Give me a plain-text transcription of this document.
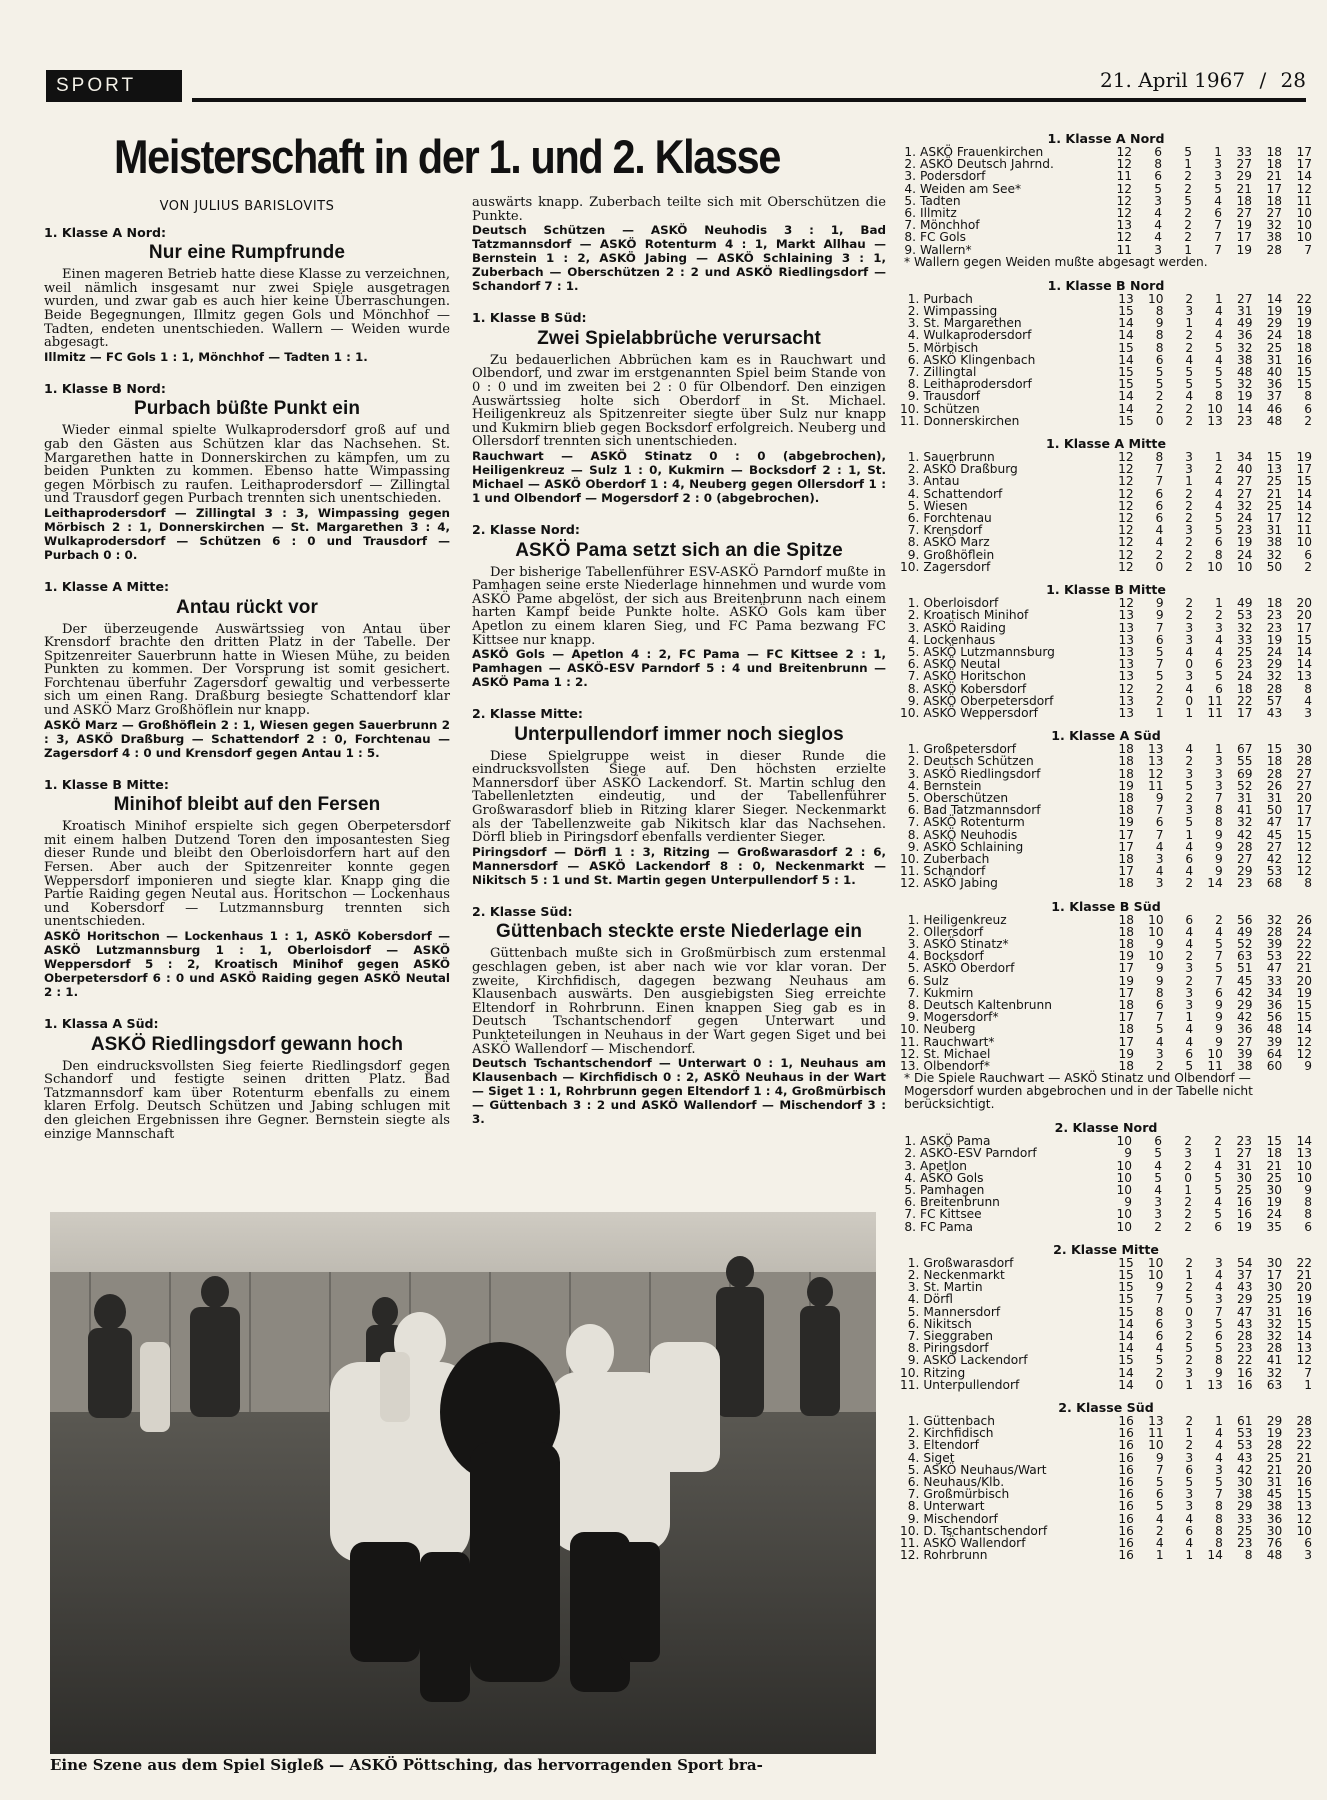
SPORT	21. April 1967 / 28
Meisterschaft in der 1. und 2. Klasse
VON JULIUS BARISLOVITS

1. Klasse A Nord:

Nur eine Rumpfrunde

Einen mageren Betrieb hatte diese Klasse zu verzeichnen, weil nämlich insgesamt nur zwei Spiele ausgetragen wurden, und zwar gab es auch hier keine Überraschungen. Beide Begegnungen, Illmitz gegen Gols und Mönchhof — Tadten, endeten unentschieden. Wallern — Weiden wurde abgesagt.

Illmitz — FC Gols 1 : 1, Mönchhof — Tadten 1 : 1.

1. Klasse B Nord:

Purbach büßte Punkt ein

Wieder einmal spielte Wulkaprodersdorf groß auf und gab den Gästen aus Schützen klar das Nachsehen. St. Margarethen hatte in Donnerskirchen zu kämpfen, um zu beiden Punkten zu kommen. Ebenso hatte Wimpassing gegen Mörbisch zu raufen. Leithaprodersdorf — Zillingtal und Trausdorf gegen Purbach trennten sich unentschieden.

Leithaprodersdorf — Zillingtal 3 : 3, Wimpassing gegen Mörbisch 2 : 1, Donnerskirchen — St. Margarethen 3 : 4, Wulkaprodersdorf — Schützen 6 : 0 und Trausdorf — Purbach 0 : 0.

1. Klasse A Mitte:

Antau rückt vor

Der überzeugende Auswärtssieg von Antau über Krensdorf brachte den dritten Platz in der Tabelle. Der Spitzenreiter Sauerbrunn hatte in Wiesen Mühe, zu beiden Punkten zu kommen. Der Vorsprung ist somit gesichert. Forchtenau überfuhr Zagersdorf gewaltig und verbesserte sich um einen Rang. Draßburg besiegte Schattendorf klar und ASKÖ Marz Großhöflein nur knapp.

ASKÖ Marz — Großhöflein 2 : 1, Wiesen gegen Sauerbrunn 2 : 3, ASKÖ Draßburg — Schattendorf 2 : 0, Forchtenau — Zagersdorf 4 : 0 und Krensdorf gegen Antau 1 : 5.

1. Klasse B Mitte:

Minihof bleibt auf den Fersen

Kroatisch Minihof erspielte sich gegen Oberpetersdorf mit einem halben Dutzend Toren den imposantesten Sieg dieser Runde und bleibt den Oberloisdorfern hart auf den Fersen. Aber auch der Spitzenreiter konnte gegen Weppersdorf imponieren und siegte klar. Knapp ging die Partie Raiding gegen Neutal aus. Horitschon — Lockenhaus und Kobersdorf — Lutzmannsburg trennten sich unentschieden.

ASKÖ Horitschon — Lockenhaus 1 : 1, ASKÖ Kobersdorf — ASKÖ Lutzmannsburg 1 : 1, Oberloisdorf — ASKÖ Weppersdorf 5 : 2, Kroatisch Minihof gegen ASKÖ Oberpetersdorf 6 : 0 und ASKÖ Raiding gegen ASKÖ Neutal 2 : 1.

1. Klassa A Süd:

ASKÖ Riedlingsdorf gewann hoch

Den eindrucksvollsten Sieg feierte Riedlingsdorf gegen Schandorf und festigte seinen dritten Platz. Bad Tatzmannsdorf kam über Rotenturm ebenfalls zu einem klaren Erfolg. Deutsch Schützen und Jabing schlugen mit den gleichen Ergebnissen ihre Gegner. Bernstein siegte als einzige Mannschaft

auswärts knapp. Zuberbach teilte sich mit Oberschützen die Punkte.

Deutsch Schützen — ASKÖ Neuhodis 3 : 1, Bad Tatzmannsdorf — ASKÖ Rotenturm 4 : 1, Markt Allhau — Bernstein 1 : 2, ASKÖ Jabing — ASKÖ Schlaining 3 : 1, Zuberbach — Oberschützen 2 : 2 und ASKÖ Riedlingsdorf — Schandorf 7 : 1.

1. Klasse B Süd:

Zwei Spielabbrüche verursacht

Zu bedauerlichen Abbrüchen kam es in Rauchwart und Olbendorf, und zwar im erstgenannten Spiel beim Stande von 0 : 0 und im zweiten bei 2 : 0 für Olbendorf. Den einzigen Auswärtssieg holte sich Oberdorf in St. Michael. Heiligenkreuz als Spitzenreiter siegte über Sulz nur knapp und Kukmirn blieb gegen Bocksdorf erfolgreich. Neuberg und Ollersdorf trennten sich unentschieden.

Rauchwart — ASKÖ Stinatz 0 : 0 (abgebrochen), Heiligenkreuz — Sulz 1 : 0, Kukmirn — Bocksdorf 2 : 1, St. Michael — ASKÖ Oberdorf 1 : 4, Neuberg gegen Ollersdorf 1 : 1 und Olbendorf — Mogersdorf 2 : 0 (abgebrochen).

2. Klasse Nord:

ASKÖ Pama setzt sich an die Spitze

Der bisherige Tabellenführer ESV-ASKÖ Parndorf mußte in Pamhagen seine erste Niederlage hinnehmen und wurde vom ASKÖ Pame abgelöst, der sich aus Breitenbrunn nach einem harten Kampf beide Punkte holte. ASKÖ Gols kam über Apetlon zu einem klaren Sieg, und FC Pama bezwang FC Kittsee nur knapp.

ASKÖ Gols — Apetlon 4 : 2, FC Pama — FC Kittsee 2 : 1, Pamhagen — ASKÖ-ESV Parndorf 5 : 4 und Breitenbrunn — ASKÖ Pama 1 : 2.

2. Klasse Mitte:

Unterpullendorf immer noch sieglos

Diese Spielgruppe weist in dieser Runde die eindrucksvollsten Siege auf. Den höchsten erzielte Mannersdorf über ASKÖ Lackendorf. St. Martin schlug den Tabellenletzten eindeutig, und der Tabellenführer Großwarasdorf blieb in Ritzing klarer Sieger. Neckenmarkt als der Tabellenzweite gab Nikitsch klar das Nachsehen. Dörfl blieb in Piringsdorf ebenfalls verdienter Sieger.

Piringsdorf — Dörfl 1 : 3, Ritzing — Großwarasdorf 2 : 6, Mannersdorf — ASKÖ Lackendorf 8 : 0, Neckenmarkt — Nikitsch 5 : 1 und St. Martin gegen Unterpullendorf 5 : 1.

2. Klasse Süd:

Güttenbach steckte erste Niederlage ein

Güttenbach mußte sich in Großmürbisch zum erstenmal geschlagen geben, ist aber nach wie vor klar voran. Der zweite, Kirchfidisch, dagegen bezwang Neuhaus am Klausenbach auswärts. Den ausgiebigsten Sieg erreichte Eltendorf in Rohrbrunn. Einen knappen Sieg gab es in Deutsch Tschantschendorf gegen Unterwart und Punkteteilungen in Neuhaus in der Wart gegen Siget und bei ASKÖ Wallendorf — Mischendorf.

Deutsch Tschantschendorf — Unterwart 0 : 1, Neuhaus am Klausenbach — Kirchfidisch 0 : 2, ASKÖ Neuhaus in der Wart — Siget 1 : 1, Rohrbrunn gegen Eltendorf 1 : 4, Großmürbisch — Güttenbach 3 : 2 und ASKÖ Wallendorf — Mischendorf 3 : 3.

Eine Szene aus dem Spiel Sigleß — ASKÖ Pöttsching, das hervorragenden Sport bra-

1. Klasse A Nord

1.	ASKÖ Frauenkirchen	12	6	5	1	33	18	17
2.	ASKÖ Deutsch Jahrnd.	12	8	1	3	27	18	17
3.	Podersdorf	11	6	2	3	29	21	14
4.	Weiden am See*	12	5	2	5	21	17	12
5.	Tadten	12	3	5	4	18	18	11
6.	Illmitz	12	4	2	6	27	27	10
7.	Mönchhof	13	4	2	7	19	32	10
8.	FC Gols	12	4	2	7	17	38	10
9.	Wallern*	11	3	1	7	19	28	7

* Wallern gegen Weiden mußte abgesagt werden.

1. Klasse B Nord

1.	Purbach	13	10	2	1	27	14	22
2.	Wimpassing	15	8	3	4	31	19	19
3.	St. Margarethen	14	9	1	4	49	29	19
4.	Wulkaprodersdorf	14	8	2	4	36	24	18
5.	Mörbisch	15	8	2	5	32	25	18
6.	ASKÖ Klingenbach	14	6	4	4	38	31	16
7.	Zillingtal	15	5	5	5	48	40	15
8.	Leithaprodersdorf	15	5	5	5	32	36	15
9.	Trausdorf	14	2	4	8	19	37	8
10.	Schützen	14	2	2	10	14	46	6
11.	Donnerskirchen	15	0	2	13	23	48	2

1. Klasse A Mitte

1.	Sauerbrunn	12	8	3	1	34	15	19
2.	ASKÖ Draßburg	12	7	3	2	40	13	17
3.	Antau	12	7	1	4	27	25	15
4.	Schattendorf	12	6	2	4	27	21	14
5.	Wiesen	12	6	2	4	32	25	14
6.	Forchtenau	12	6	2	5	24	17	12
7.	Krensdorf	12	4	3	5	23	31	11
8.	ASKÖ Marz	12	4	2	6	19	38	10
9.	Großhöflein	12	2	2	8	24	32	6
10.	Zagersdorf	12	0	2	10	10	50	2

1. Klasse B Mitte

1.	Oberloisdorf	12	9	2	1	49	18	20
2.	Kroatisch Minihof	13	9	2	2	53	23	20
3.	ASKÖ Raiding	13	7	3	3	32	23	17
4.	Lockenhaus	13	6	3	4	33	19	15
5.	ASKÖ Lutzmannsburg	13	5	4	4	25	24	14
6.	ASKÖ Neutal	13	7	0	6	23	29	14
7.	ASKÖ Horitschon	13	5	3	5	24	32	13
8.	ASKÖ Kobersdorf	12	2	4	6	18	28	8
9.	ASKÖ Oberpetersdorf	13	2	0	11	22	57	4
10.	ASKÖ Weppersdorf	13	1	1	11	17	43	3

1. Klasse A Süd

1.	Großpetersdorf	18	13	4	1	67	15	30
2.	Deutsch Schützen	18	13	2	3	55	18	28
3.	ASKÖ Riedlingsdorf	18	12	3	3	69	28	27
4.	Bernstein	19	11	5	3	52	26	27
5.	Oberschützen	18	9	2	7	31	31	20
6.	Bad Tatzmannsdorf	18	7	3	8	41	50	17
7.	ASKÖ Rotenturm	19	6	5	8	32	47	17
8.	ASKÖ Neuhodis	17	7	1	9	42	45	15
9.	ASKÖ Schlaining	17	4	4	9	28	27	12
10.	Zuberbach	18	3	6	9	27	42	12
11.	Schandorf	17	4	4	9	29	53	12
12.	ASKÖ Jabing	18	3	2	14	23	68	8

1. Klasse B Süd

1.	Heiligenkreuz	18	10	6	2	56	32	26
2.	Ollersdorf	18	10	4	4	49	28	24
3.	ASKÖ Stinatz*	18	9	4	5	52	39	22
4.	Bocksdorf	19	10	2	7	63	53	22
5.	ASKÖ Oberdorf	17	9	3	5	51	47	21
6.	Sulz	19	9	2	7	45	33	20
7.	Kukmirn	17	8	3	6	42	34	19
8.	Deutsch Kaltenbrunn	18	6	3	9	29	36	15
9.	Mogersdorf*	17	7	1	9	42	56	15
10.	Neuberg	18	5	4	9	36	48	14
11.	Rauchwart*	17	4	4	9	27	39	12
12.	St. Michael	19	3	6	10	39	64	12
13.	Olbendorf*	18	2	5	11	38	60	9

* Die Spiele Rauchwart — ASKÖ Stinatz und Olbendorf — Mogersdorf wurden abgebrochen und in der Tabelle nicht berücksichtigt.

2. Klasse Nord

1.	ASKÖ Pama	10	6	2	2	23	15	14
2.	ASKÖ-ESV Parndorf	9	5	3	1	27	18	13
3.	Apetlon	10	4	2	4	31	21	10
4.	ASKÖ Gols	10	5	0	5	30	25	10
5.	Pamhagen	10	4	1	5	25	30	9
6.	Breitenbrunn	9	3	2	4	16	19	8
7.	FC Kittsee	10	3	2	5	16	24	8
8.	FC Pama	10	2	2	6	19	35	6

2. Klasse Mitte

1.	Großwarasdorf	15	10	2	3	54	30	22
2.	Neckenmarkt	15	10	1	4	37	17	21
3.	St. Martin	15	9	2	4	43	30	20
4.	Dörfl	15	7	5	3	29	25	19
5.	Mannersdorf	15	8	0	7	47	31	16
6.	Nikitsch	14	6	3	5	43	32	15
7.	Sieggraben	14	6	2	6	28	32	14
8.	Piringsdorf	14	4	5	5	23	28	13
9.	ASKÖ Lackendorf	15	5	2	8	22	41	12
10.	Ritzing	14	2	3	9	16	32	7
11.	Unterpullendorf	14	0	1	13	16	63	1

2. Klasse Süd

1.	Güttenbach	16	13	2	1	61	29	28
2.	Kirchfidisch	16	11	1	4	53	19	23
3.	Eltendorf	16	10	2	4	53	28	22
4.	Siget	16	9	3	4	43	25	21
5.	ASKÖ Neuhaus/Wart	16	7	6	3	42	21	20
6.	Neuhaus/Klb.	16	5	5	5	30	31	16
7.	Großmürbisch	16	6	3	7	38	45	15
8.	Unterwart	16	5	3	8	29	38	13
9.	Mischendorf	16	4	4	8	33	36	12
10.	D. Tschantschendorf	16	2	6	8	25	30	10
11.	ASKÖ Wallendorf	16	4	4	8	23	76	6
12.	Rohrbrunn	16	1	1	14	8	48	3
